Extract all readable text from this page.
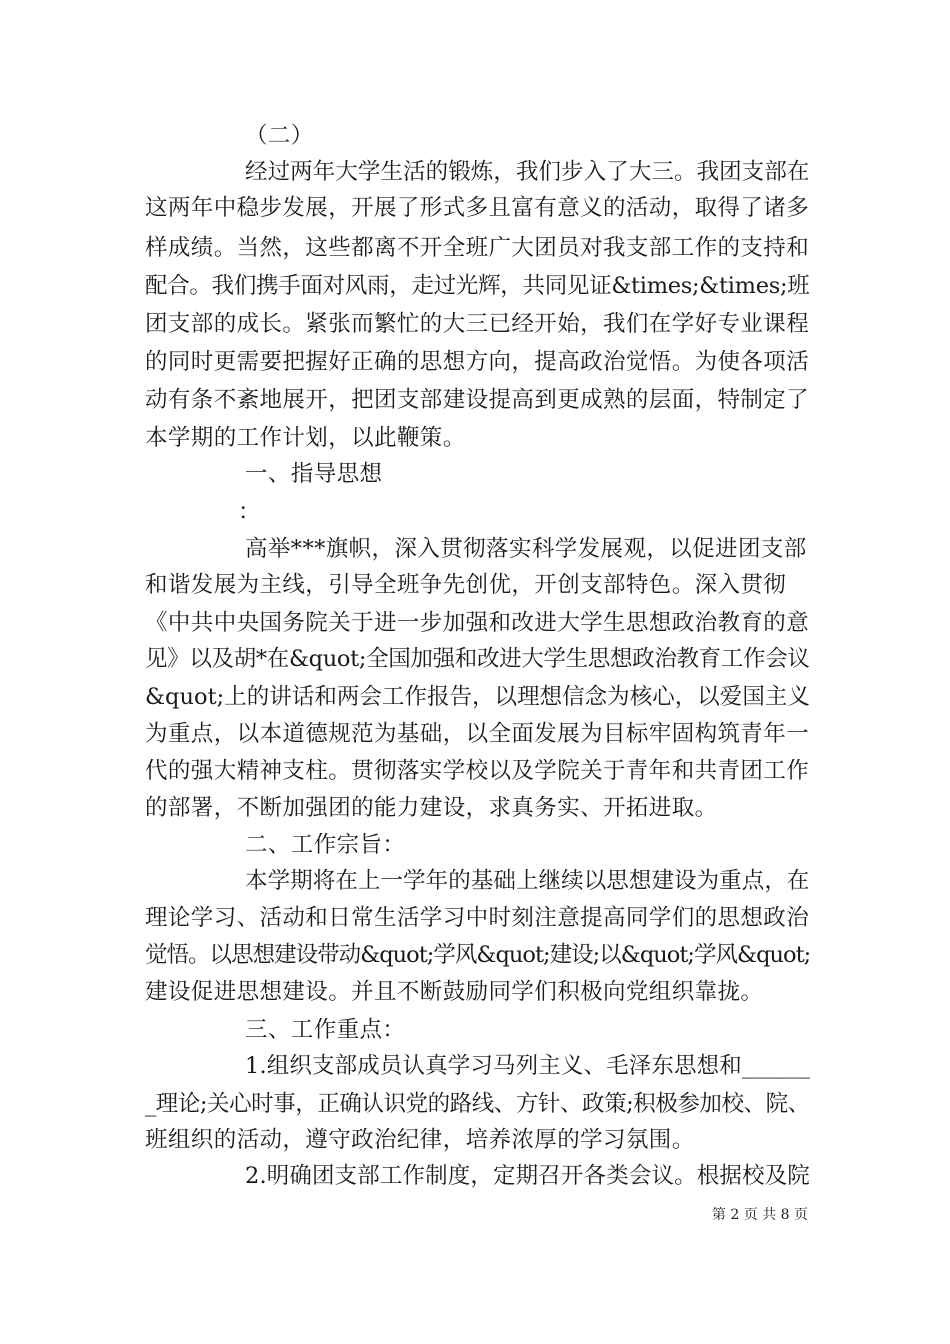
（二）
经过两年大学生活的锻炼，我们步入了大三。我团支部在
这两年中稳步发展，开展了形式多且富有意义的活动，取得了诸多
样成绩。当然，这些都离不开全班广大团员对我支部工作的支持和
配合。我们携手面对风雨，走过光辉，共同见证&times;&times;班
团支部的成长。紧张而繁忙的大三已经开始，我们在学好专业课程
的同时更需要把握好正确的思想方向，提高政治觉悟。为使各项活
动有条不紊地展开，把团支部建设提高到更成熟的层面，特制定了
本学期的工作计划，以此鞭策。
一、指导思想
：
高举***旗帜，深入贯彻落实科学发展观，以促进团支部
和谐发展为主线，引导全班争先创优，开创支部特色。深入贯彻
《中共中央国务院关于进一步加强和改进大学生思想政治教育的意
见》以及胡*在&quot;全国加强和改进大学生思想政治教育工作会议
&quot;上的讲话和两会工作报告，以理想信念为核心，以爱国主义
为重点，以本道德规范为基础，以全面发展为目标牢固构筑青年一
代的强大精神支柱。贯彻落实学校以及学院关于青年和共青团工作
的部署，不断加强团的能力建设，求真务实、开拓进取。
二、工作宗旨：
本学期将在上一学年的基础上继续以思想建设为重点，在
理论学习、活动和日常生活学习中时刻注意提高同学们的思想政治
觉悟。以思想建设带动&quot;学风&quot;建设;以&quot;学风&quot;
建设促进思想建设。并且不断鼓励同学们积极向党组织靠拢。
三、工作重点：
1.组织支部成员认真学习马列主义、毛泽东思想和______
_理论;关心时事，正确认识党的路线、方针、政策;积极参加校、院、
班组织的活动，遵守政治纪律，培养浓厚的学习氛围。
2.明确团支部工作制度，定期召开各类会议。根据校及院
第 2 页 共 8 页
